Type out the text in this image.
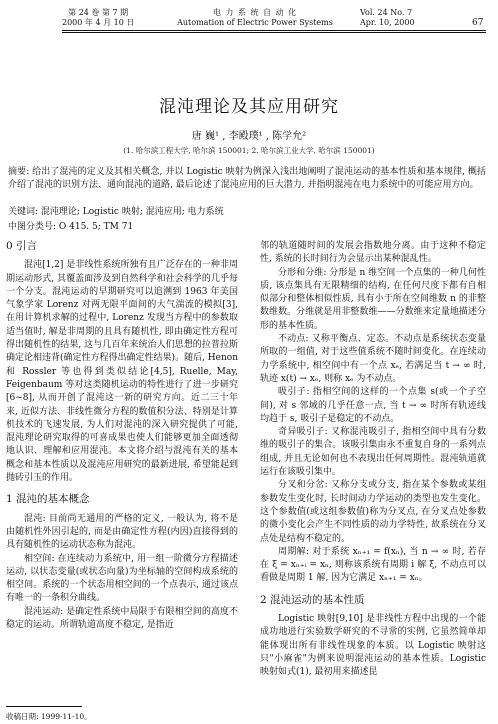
第 24 卷 第 7 期
2000 年 4 月 10 日
电 力 系 统 自 动 化
Automation of Electric Power Systems
Vol. 24 No. 7
Apr. 10, 2000	67
混沌理论及其应用研究
唐 巍¹ , 李殿璞¹ , 陈学允²
(1. 哈尔滨工程大学, 哈尔滨 150001; 2. 哈尔滨工业大学, 哈尔滨 150001)
摘要: 给出了混沌的定义及其相关概念, 并以 Logistic 映射为例深入浅出地阐明了混沌运动的基本性质和基本规律, 概括介绍了混沌的识别方法、通向混沌的道路, 最后论述了混沌应用的巨大潜力, 并指明混沌在电力系统中的可能应用方向。
关键词: 混沌理论; Logistic 映射; 混沌应用; 电力系统
中图分类号: O 415. 5; TM 71
0 引言

混沌[1,2] 是非线性系统所独有且广泛存在的一种非周期运动形式, 其覆盖面涉及到自然科学和社会科学的几乎每一个分支。混沌运动的早期研究可以追溯到 1963 年美国气象学家 Lorenz 对两无限平面间的大气湍流的模拟[3], 在用计算机求解的过程中, Lorenz 发现当方程中的参数取适当值时, 解是非周期的且具有随机性, 即由确定性方程可得出随机性的结果, 这与几百年来统治人们思想的拉普拉斯确定论相违背(确定性方程得出确定性结果)。随后, Henon 和 Rossler 等也得到类似结论[4,5], Ruelle, May, Feigenbaum 等对这类随机运动的特性进行了进一步研究[6~8], 从而开创了混沌这一新的研究方向。近二三十年来, 近似方法、非线性微分方程的数值积分法、特别是计算机技术的飞速发展, 为人们对混沌的深入研究提供了可能, 混沌理论研究取得的可喜成果也使人们能够更加全面透彻地认识、理解和应用混沌。本文将介绍与混沌有关的基本概念和基本性质以及混沌应用研究的最新进展, 希望能起到抛砖引玉的作用。

1 混沌的基本概念

混沌: 目前尚无通用的严格的定义, 一般认为, 将不是由随机性外因引起的, 而是由确定性方程(内因)直接得到的具有随机性的运动状态称为混沌。

相空间: 在连续动力系统中, 用一组一阶微分方程描述运动, 以状态变量(或状态向量)为坐标轴的空间构成系统的相空间。系统的一个状态用相空间的一个点表示, 通过该点有唯一的一条积分曲线。

混沌运动: 是确定性系统中局限于有限相空间的高度不稳定的运动。所谓轨道高度不稳定, 是指近

邻的轨道随时间的发展会指数地分离。由于这种不稳定性, 系统的长时间行为会显示出某种混乱性。

分形和分维: 分形是 n 维空间一个点集的一种几何性质, 该点集具有无限精细的结构, 在任何尺度下都有自相似部分和整体相似性质, 具有小于所在空间维数 n 的非整数维数。分维就是用非整数维——分数维来定量地描述分形的基本性质。

不动点: 又称平衡点、定态。不动点是系统状态变量所取的一组值, 对于这些值系统不随时间变化。在连续动力学系统中, 相空间中有一个点 xₑ, 若满足当 t → ∞ 时, 轨迹 x(t) → xₑ, 则称 xₑ 为不动点。

吸引子: 指相空间的这样的一个点集 s(或一个子空间), 对 s 邻域的几乎任意一点, 当 t → ∞ 时所有轨迹线均趋于 s, 吸引子是稳定的不动点。

奇异吸引子: 又称混沌吸引子, 指相空间中具有分数维的吸引子的集合。该吸引集由永不重复自身的一系列点组成, 并且无论如何也不表现出任何周期性。混沌轨道就运行在该吸引集中。

分叉和分岔: 又称分支或分支, 指在某个参数或某组参数发生变化时, 长时间动力学运动的类型也发生变化。这个参数值(或这组参数值)称为分叉点, 在分叉点处参数的微小变化会产生不同性质的动力学特性, 故系统在分叉点处是结构不稳定的。

周期解: 对于系统 xₙ₊₁ = f(xₙ), 当 n → ∞ 时, 若存在 ξ = xₙ₊ᵢ = xₙ, 则称该系统有周期 i 解 ξ, 不动点可以看做是周期 1 解, 因为它满足 xₙ₊₁ = xₙ。

2 混沌运动的基本性质

Logistic 映射[9,10] 是非线性方程中出现的一个能成功地进行实验数学研究的不寻常的实例, 它虽然简单却能体现出所有非线性现象的本质。以 Logistic 映射这只"小麻雀"为例来说明混沌运动的基本性质。Logistic 映射如式(1), 最初用来描述昆

收稿日期: 1999-11-10。
